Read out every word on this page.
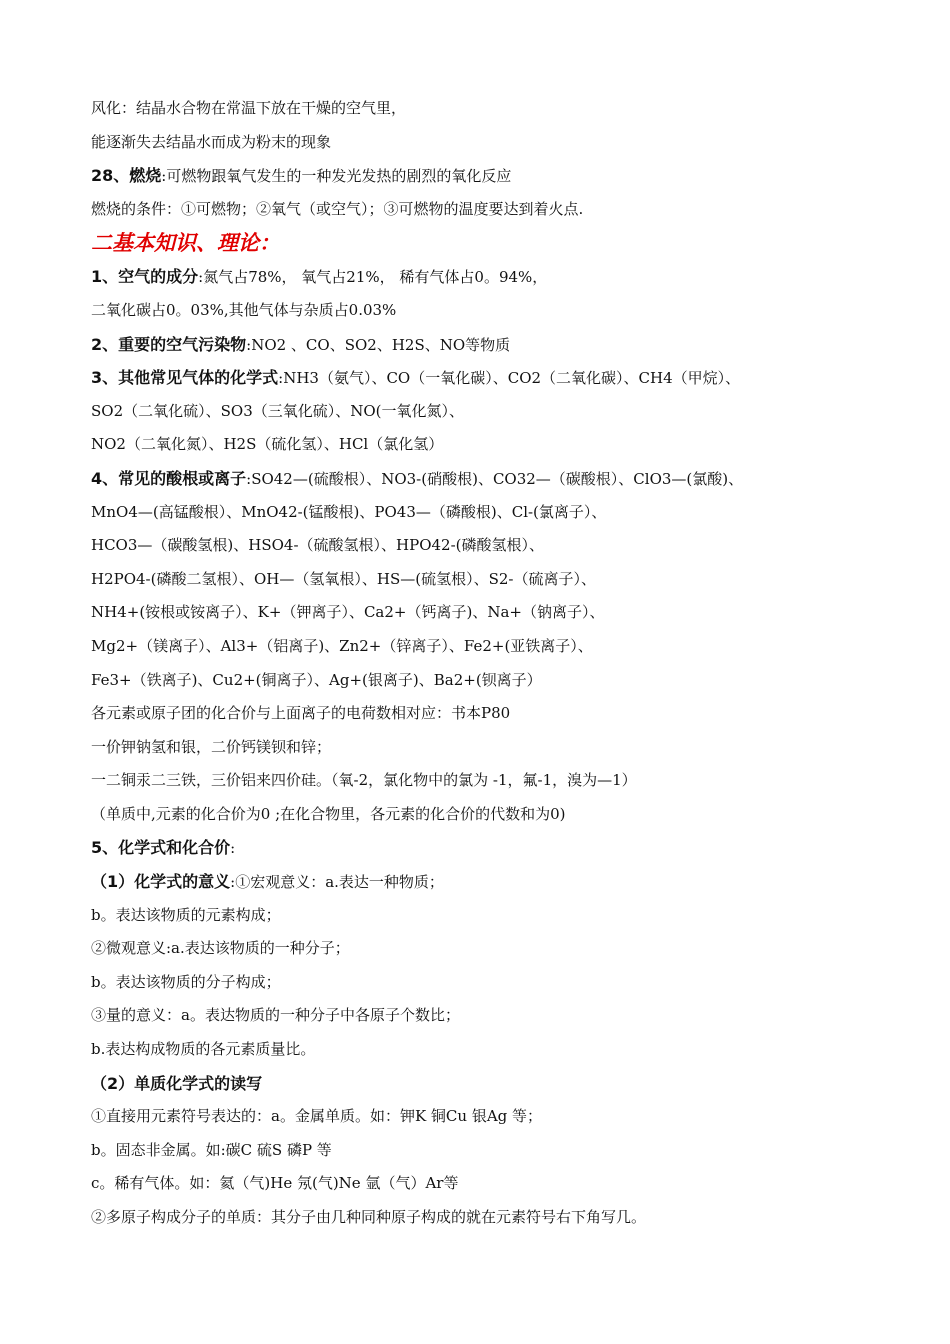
风化：结晶水合物在常温下放在干燥的空气里，
能逐渐失去结晶水而成为粉末的现象
28、燃烧:可燃物跟氧气发生的一种发光发热的剧烈的氧化反应
燃烧的条件：①可燃物；②氧气（或空气）；③可燃物的温度要达到着火点.
二基本知识、理论：
1、空气的成分:氮气占78%， 氧气占21%， 稀有气体占0。94%，
二氧化碳占0。03%,其他气体与杂质占0.03%
2、重要的空气污染物:NO2 、CO、SO2、H2S、NO等物质
3、其他常见气体的化学式:NH3（氨气）、CO（一氧化碳）、CO2（二氧化碳）、CH4（甲烷）、
SO2（二氧化硫）、SO3（三氧化硫）、NO(一氧化氮）、
NO2（二氧化氮）、H2S（硫化氢）、HCl（氯化氢）
4、常见的酸根或离子:SO42—(硫酸根）、NO3-(硝酸根)、CO32—（碳酸根）、ClO3—(氯酸)、
MnO4—(高锰酸根）、MnO42-(锰酸根)、PO43—（磷酸根)、Cl-(氯离子）、
HCO3—（碳酸氢根)、HSO4-（硫酸氢根）、HPO42-(磷酸氢根）、
H2PO4-(磷酸二氢根）、OH—（氢氧根）、HS—(硫氢根）、S2-（硫离子）、
NH4+(铵根或铵离子）、K+（钾离子）、Ca2+（钙离子)、Na+（钠离子）、
Mg2+（镁离子）、Al3+（铝离子)、Zn2+（锌离子）、Fe2+(亚铁离子）、
Fe3+（铁离子)、Cu2+(铜离子）、Ag+(银离子)、Ba2+(钡离子）
各元素或原子团的化合价与上面离子的电荷数相对应：书本P80
一价钾钠氢和银，二价钙镁钡和锌；
一二铜汞二三铁，三价铝来四价硅。（氧-2，氯化物中的氯为 -1，氟-1，溴为—1）
（单质中,元素的化合价为0 ;在化合物里，各元素的化合价的代数和为0)
5、化学式和化合价:
（1）化学式的意义:①宏观意义：a.表达一种物质；
b。表达该物质的元素构成；
②微观意义:a.表达该物质的一种分子；
b。表达该物质的分子构成；
③量的意义：a。表达物质的一种分子中各原子个数比；
b.表达构成物质的各元素质量比。
（2）单质化学式的读写
①直接用元素符号表达的：a。金属单质。如：钾K 铜Cu 银Ag 等；
b。固态非金属。如:碳C 硫S 磷P 等
c。稀有气体。如：氦（气)He 氖(气)Ne 氩（气）Ar等
②多原子构成分子的单质：其分子由几种同种原子构成的就在元素符号右下角写几。
